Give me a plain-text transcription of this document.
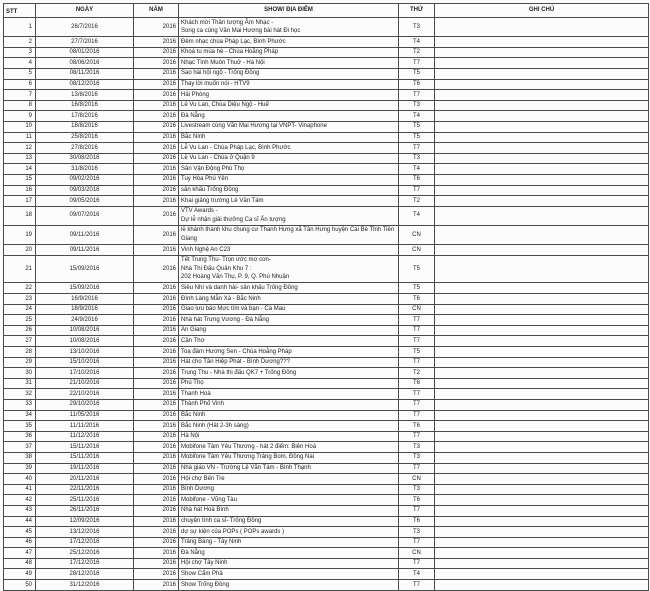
STT	NGÀY	NĂM	SHOW/ ĐỊA ĐIỂM	THỨ	GHI CHÚ
1	26/7/2016	2016	Khách mời Thần tượng Âm Nhạc -
Song ca cùng Văn Mai Hương bài hát Đi học	T3	
2	27/7/2016	2016	Đêm nhạc chùa Pháp Lạc, Bình Phước	T4	
3	08/01/2016	2016	Khoá tu mùa hè - Chùa Hoằng Pháp	T2	
4	08/06/2016	2016	Nhạc Tình Muôn Thuở - Hà Nội	T7	
5	08/11/2016	2016	Sao hài hội ngộ - Trống Đồng	T5	
6	08/12/2016	2016	Thay lời muốn nói - HTV9	T6	
7	13/8/2016	2016	Hải Phòng	T7	
8	16/8/2016	2016	Lễ Vu Lan, Chùa Diệu Ngộ - Huế	T3	
9	17/8/2016	2016	Đà Nẵng	T4	
10	18/8/2016	2016	Livestream cùng Văn Mai Hương tại VNPT- Vinaphone	T5	
11	25/8/2016	2016	Bắc Ninh	T5	
12	27/8/2016	2016	Lễ Vu Lan - Chùa Pháp Lạc, Bình Phước	T7	
13	30/08/2016	2016	Lễ Vu Lan - Chùa ở Quận 9	T3	
14	31/8/2016	2016	Sân Vận Động Phú Thọ	T4	
15	09/02/2016	2016	Tuy Hòa Phú Yên	T6	
16	09/03/2016	2016	sân khấu Trống Đồng	T7	
17	09/05/2016	2016	Khai giảng trường Lê Văn Tám	T2	
18	09/07/2016	2016	VTV Awards -
Dự lễ nhận giải thưởng Ca sĩ Ấn tượng	T4	
19	09/11/2016	2016	lễ khánh thành khu chung cư Thanh Hưng xã Tân Hưng huyện Cái Bè Tỉnh Tiền Giang	CN	
20	09/11/2016	2016	Vinh Nghệ An C23	CN	
21	15/09/2016	2016	Tết Trung Thu- Trọn ước mơ con-
Nhà Thi Đấu Quân Khu 7 :
202 Hoàng Văn Thụ, P. 9, Q. Phú Nhuận	T5	
22	15/09/2016	2016	Siêu Nhí và danh hài- sân khấu Trống Đồng	T5	
23	16/9/2016	2016	Đình Làng Mẫn Xá - Bắc Ninh	T6	
24	18/9/2016	2016	Giao lưu báo Mực tím và bạn - Cà Mau	CN	
25	24/9/2016	2016	Nhà hát Trưng Vương - Đà Nẵng	T7	
26	10/08/2016	2016	An Giang	T7	
27	10/08/2016	2016	Cần Thơ	T7	
28	13/10/2016	2016	Toạ đàm Hương Sen - Chùa Hoằng Pháp	T5	
29	15/10/2016	2016	Hát cho Tân Hiệp Phát - Bình Dương???	T7	
30	17/10/2016	2016	Trung Thu - Nhà thi đấu QK7 + Trống Đồng	T2	
31	21/10/2016	2016	Phú Thọ	T6	
32	22/10/2016	2016	Thanh Hoá	T7	
33	29/10/2016	2016	Thành Phố Vinh	T7	
34	11/05/2016	2016	Bắc Ninh	T7	
35	11/11/2016	2016	Bắc Ninh (Hát 2-3h sáng)	T6	
36	11/12/2016	2016	Hà Nội	T7	
37	15/11/2016	2016	Mobifone Tâm Yêu Thương - hát 2 điểm: Biên Hoà	T3	
38	15/11/2016	2016	Mobifone Tâm Yêu Thương Trảng Bom, Đồng Nai	T3	
39	19/11/2016	2016	Nhà giáo VN - Trường Lê Văn Tám - Bình Thạnh	T7	
40	20/11/2016	2016	Hội chợ Bến Tre	CN	
41	22/11/2016	2016	Bình Dương	T3	
42	25/11/2016	2016	Mobifone - Vũng Tàu	T6	
43	26/11/2016	2016	Nhà hát Hoà Bình	T7	
44	12/09/2016	2016	chuyện tình ca sĩ- Trống Đồng	T6	
45	13/12/2016	2016	dự sự kiện của POPs ( POPs awards )	T3	
46	17/12/2016	2016	Trảng Bàng - Tây Ninh	T7	
47	25/12/2016	2016	Đà Nẵng	CN	
48	17/12/2016	2016	Hội chợ Tây Ninh	T7	
49	28/12/2016	2016	Show Cẩm Phả	T4	
50	31/12/2016	2016	Show Trống Đồng	T7	
